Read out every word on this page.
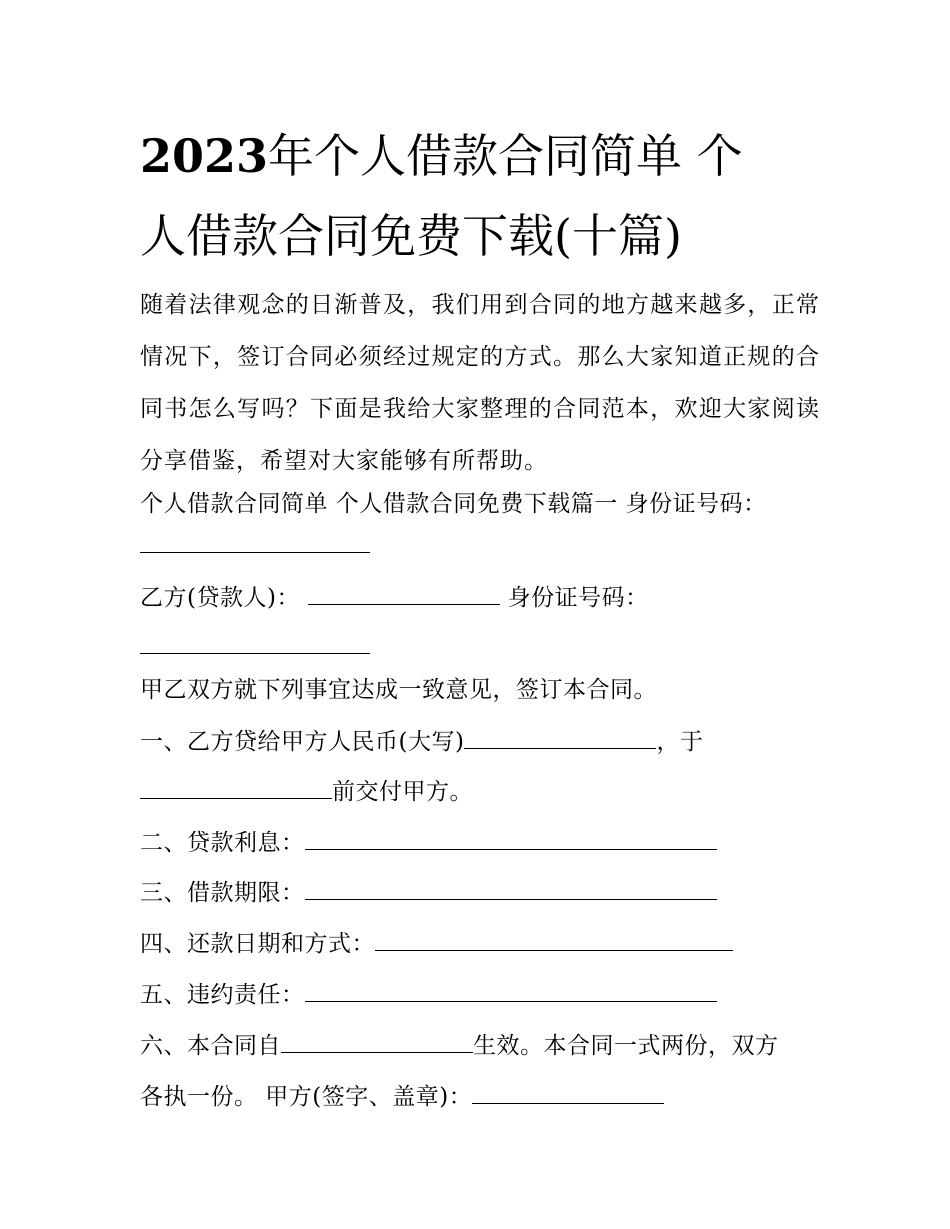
2023年个人借款合同简单 个
人借款合同免费下载(十篇)

随着法律观念的日渐普及，我们用到合同的地方越来越多，正常情况下，签订合同必须经过规定的方式。那么大家知道正规的合同书怎么写吗？下面是我给大家整理的合同范本，欢迎大家阅读分享借鉴，希望对大家能够有所帮助。

个人借款合同简单 个人借款合同免费下载篇一 身份证号码：
乙方(贷款人)：	身份证号码：
甲乙双方就下列事宜达成一致意见，签订本合同。
一、乙方贷给甲方人民币(大写)	，于
前交付甲方。
二、贷款利息：
三、借款期限：
四、还款日期和方式：
五、违约责任：
六、本合同自	生效。本合同一式两份，双方
各执一份。 甲方(签字、盖章)：
